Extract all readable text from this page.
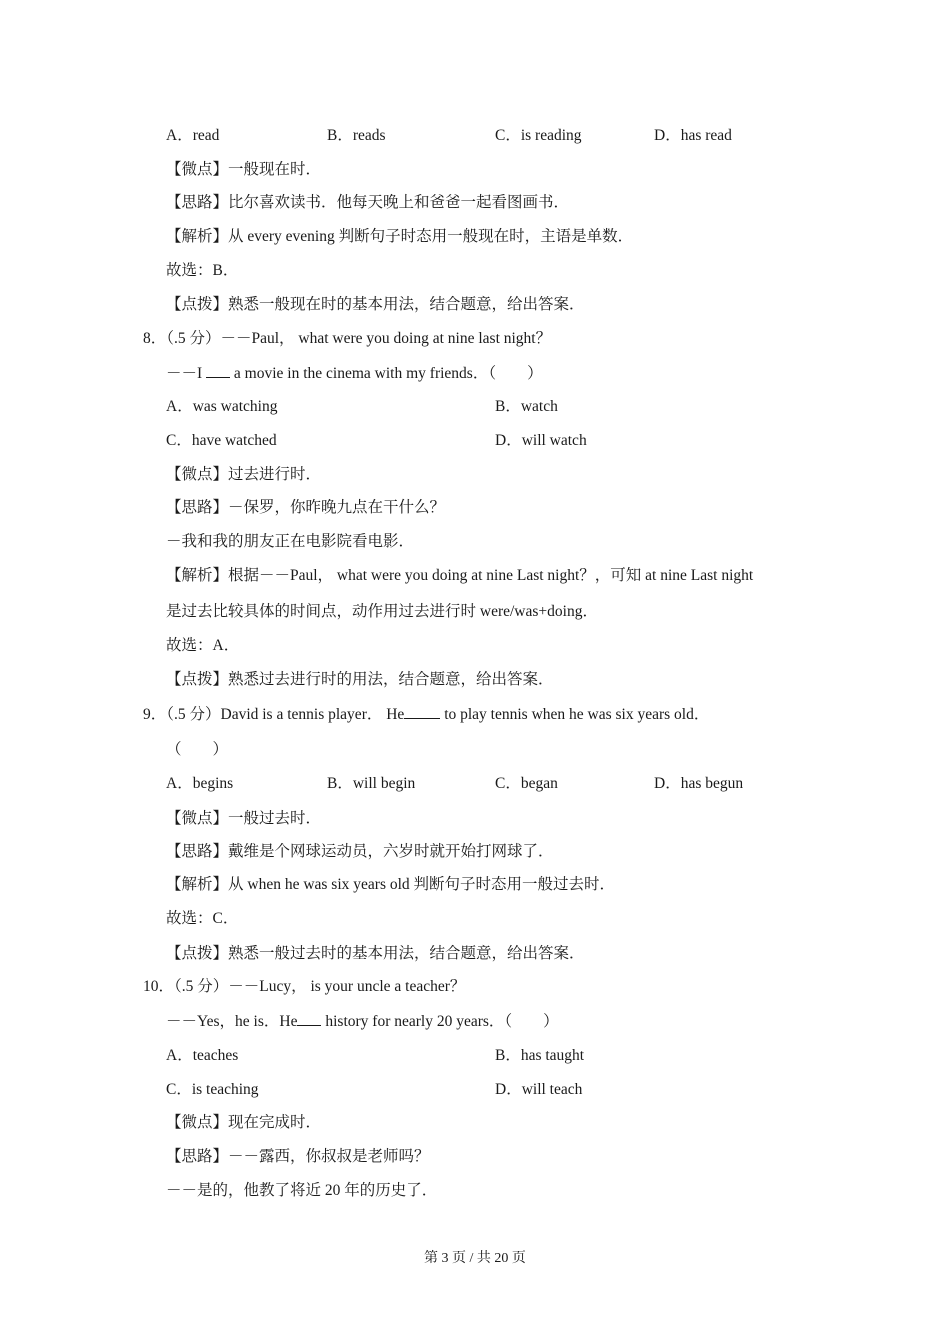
A．read	B．reads	C．is reading	D．has read
【微点】一般现在时．
【思路】比尔喜欢读书．他每天晚上和爸爸一起看图画书．
【解析】从 every evening 判断句子时态用一般现在时，主语是单数．
故选：B．
【点拨】熟悉一般现在时的基本用法，结合题意，给出答案．
8．（.5 分）－－Paul， what were you doing at nine last night？
－－I a movie in the cinema with my friends．（　　）
A．was watching	B．watch
C．have watched	D．will watch
【微点】过去进行时．
【思路】－保罗，你昨晚九点在干什么？
－我和我的朋友正在电影院看电影．
【解析】根据－－Paul， what were you doing at nine Last night？，可知 at nine Last night
是过去比较具体的时间点，动作用过去进行时 were/was+doing．
故选：A．
【点拨】熟悉过去进行时的用法，结合题意，给出答案．
9．（.5 分）David is a tennis player． He	to play tennis when he was six years old．
（　　）
A．begins	B．will begin	C．began	D．has begun
【微点】一般过去时．
【思路】戴维是个网球运动员，六岁时就开始打网球了．
【解析】从 when he was six years old 判断句子时态用一般过去时．
故选：C．
【点拨】熟悉一般过去时的基本用法，结合题意，给出答案．
10．（.5 分）－－Lucy， is your uncle a teacher？
－－Yes，he is．He history for nearly 20 years．（　　）
A．teaches	B．has taught
C．is teaching	D．will teach
【微点】现在完成时．
【思路】－－露西，你叔叔是老师吗？
－－是的，他教了将近 20 年的历史了．
第 3 页 / 共 20 页
